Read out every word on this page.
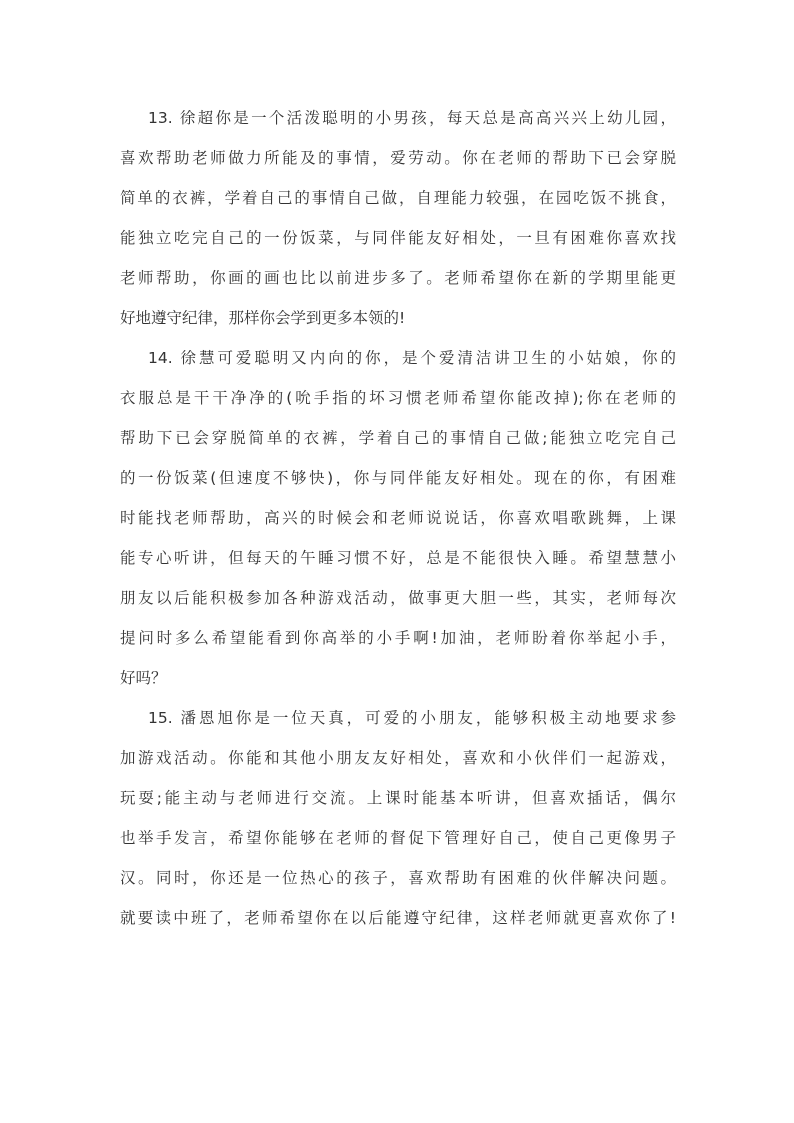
13. 徐超你是一个活泼聪明的小男孩，每天总是高高兴兴上幼儿园，
喜欢帮助老师做力所能及的事情，爱劳动。你在老师的帮助下已会穿脱
简单的衣裤，学着自己的事情自己做，自理能力较强，在园吃饭不挑食，
能独立吃完自己的一份饭菜，与同伴能友好相处，一旦有困难你喜欢找
老师帮助，你画的画也比以前进步多了。老师希望你在新的学期里能更
好地遵守纪律，那样你会学到更多本领的!
14. 徐慧可爱聪明又内向的你，是个爱清洁讲卫生的小姑娘，你的
衣服总是干干净净的(吮手指的坏习惯老师希望你能改掉);你在老师的
帮助下已会穿脱简单的衣裤，学着自己的事情自己做;能独立吃完自己
的一份饭菜(但速度不够快)，你与同伴能友好相处。现在的你，有困难
时能找老师帮助，高兴的时候会和老师说说话，你喜欢唱歌跳舞，上课
能专心听讲，但每天的午睡习惯不好，总是不能很快入睡。希望慧慧小
朋友以后能积极参加各种游戏活动，做事更大胆一些，其实，老师每次
提问时多么希望能看到你高举的小手啊!加油，老师盼着你举起小手，
好吗？
15. 潘恩旭你是一位天真，可爱的小朋友，能够积极主动地要求参
加游戏活动。你能和其他小朋友友好相处，喜欢和小伙伴们一起游戏，
玩耍;能主动与老师进行交流。上课时能基本听讲，但喜欢插话，偶尔
也举手发言，希望你能够在老师的督促下管理好自己，使自己更像男子
汉。同时，你还是一位热心的孩子，喜欢帮助有困难的伙伴解决问题。
就要读中班了，老师希望你在以后能遵守纪律，这样老师就更喜欢你了!
